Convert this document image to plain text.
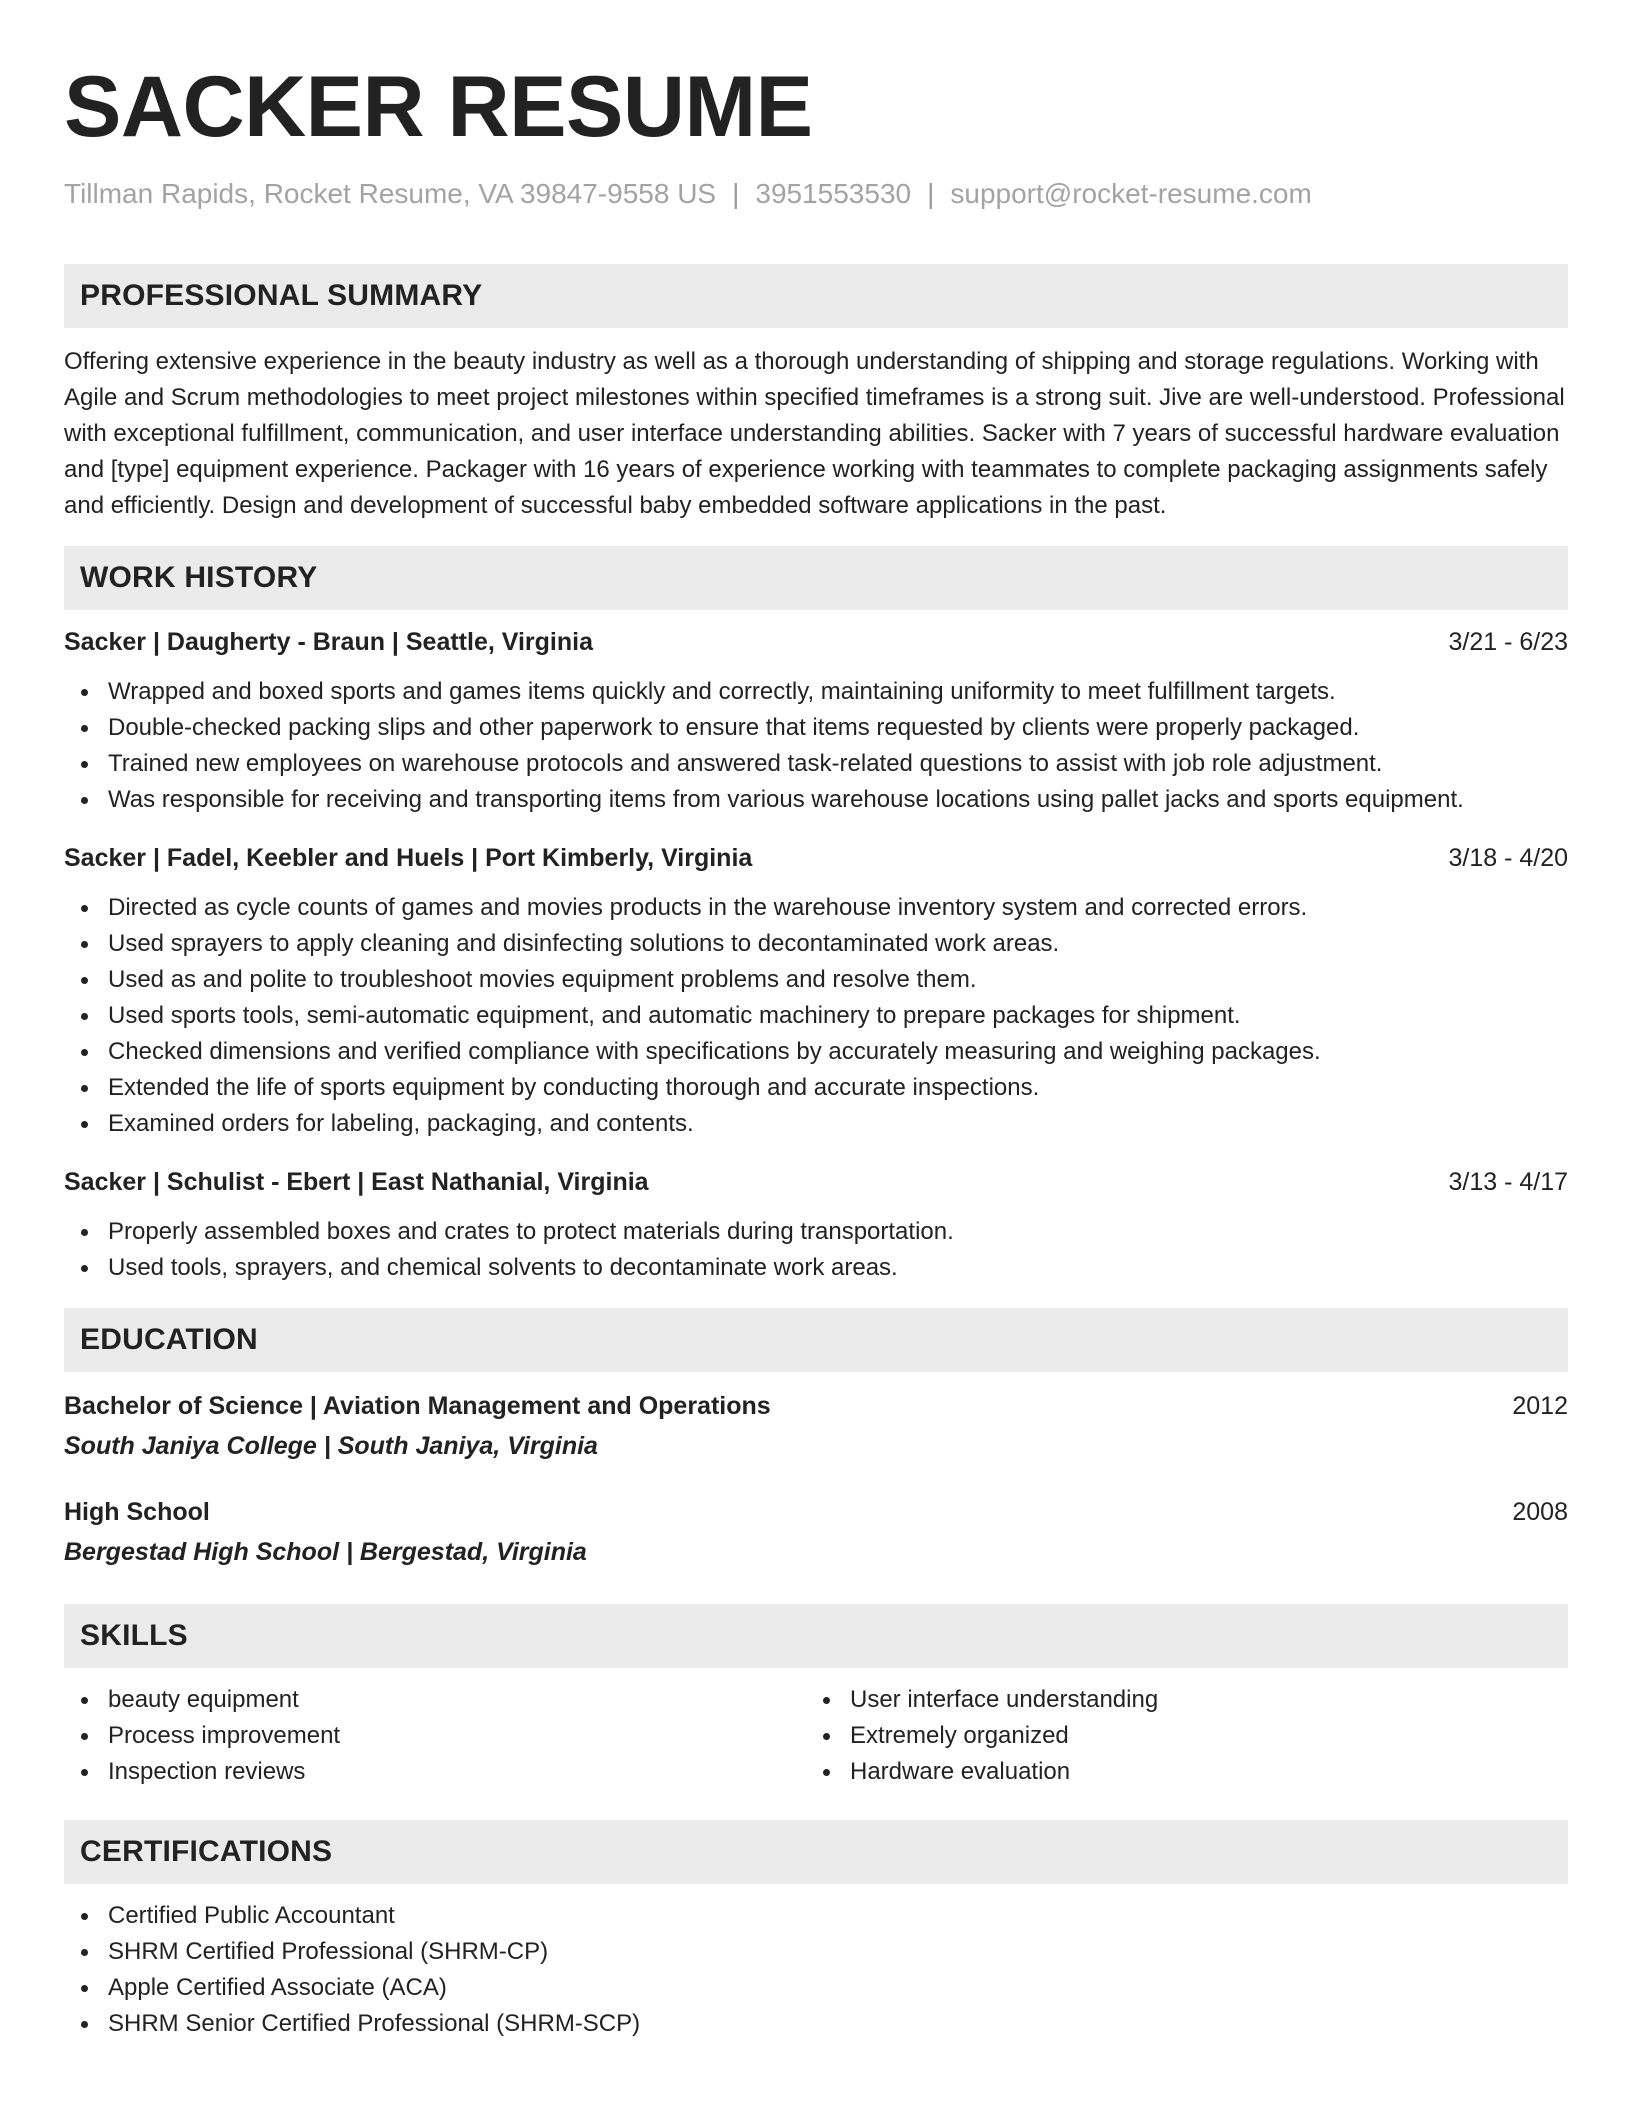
SACKER RESUME
Tillman Rapids, Rocket Resume, VA 39847-9558 US | 3951553530 | support@rocket-resume.com
PROFESSIONAL SUMMARY

Offering extensive experience in the beauty industry as well as a thorough understanding of shipping and storage regulations. Working with Agile and Scrum methodologies to meet project milestones within specified timeframes is a strong suit. Jive are well-understood. Professional with exceptional fulfillment, communication, and user interface understanding abilities. Sacker with 7 years of successful hardware evaluation and [type] equipment experience. Packager with 16 years of experience working with teammates to complete packaging assignments safely and efficiently. Design and development of successful baby embedded software applications in the past.

WORK HISTORY
Sacker | Daugherty - Braun | Seattle, Virginia	3/21 - 6/23
Wrapped and boxed sports and games items quickly and correctly, maintaining uniformity to meet fulfillment targets.
Double-checked packing slips and other paperwork to ensure that items requested by clients were properly packaged.
Trained new employees on warehouse protocols and answered task-related questions to assist with job role adjustment.
Was responsible for receiving and transporting items from various warehouse locations using pallet jacks and sports equipment.
Sacker | Fadel, Keebler and Huels | Port Kimberly, Virginia	3/18 - 4/20
Directed as cycle counts of games and movies products in the warehouse inventory system and corrected errors.
Used sprayers to apply cleaning and disinfecting solutions to decontaminated work areas.
Used as and polite to troubleshoot movies equipment problems and resolve them.
Used sports tools, semi-automatic equipment, and automatic machinery to prepare packages for shipment.
Checked dimensions and verified compliance with specifications by accurately measuring and weighing packages.
Extended the life of sports equipment by conducting thorough and accurate inspections.
Examined orders for labeling, packaging, and contents.
Sacker | Schulist - Ebert | East Nathanial, Virginia	3/13 - 4/17
Properly assembled boxes and crates to protect materials during transportation.
Used tools, sprayers, and chemical solvents to decontaminate work areas.
EDUCATION
Bachelor of Science | Aviation Management and Operations	2012
South Janiya College | South Janiya, Virginia
High School	2008
Bergestad High School | Bergestad, Virginia
SKILLS
beauty equipment
Process improvement
Inspection reviews
User interface understanding
Extremely organized
Hardware evaluation
CERTIFICATIONS
Certified Public Accountant
SHRM Certified Professional (SHRM-CP)
Apple Certified Associate (ACA)
SHRM Senior Certified Professional (SHRM-SCP)
